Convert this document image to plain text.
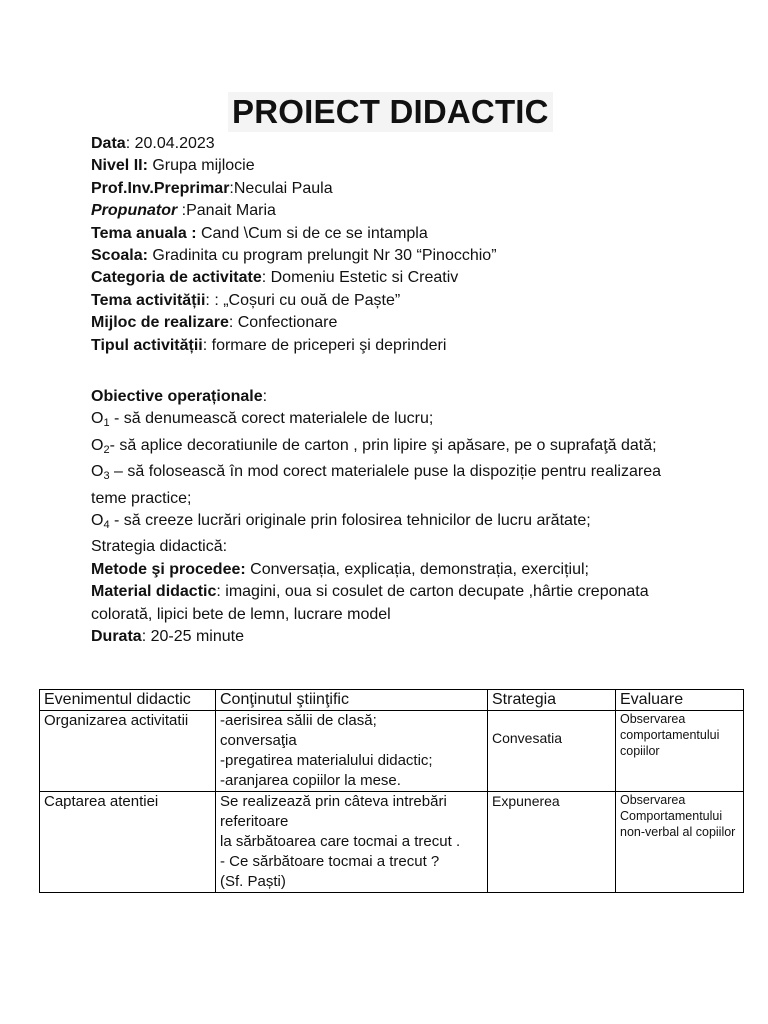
PROIECT DIDACTIC
Data: 20.04.2023
Nivel II: Grupa mijlocie
Prof.Inv.Preprimar:Neculai Paula
Propunator :Panait Maria
Tema anuala : Cand \Cum si de ce se intampla
Scoala: Gradinita cu program prelungit Nr 30 “Pinocchio”
Categoria de activitate: Domeniu Estetic si Creativ
Tema activității: : „Coșuri cu ouă de Paște”
Mijloc de realizare: Confectionare
Tipul activității: formare de priceperi şi deprinderi
Obiective operaționale:
$O_1$ - să denumească corect materialele de lucru;
$O_2-$ să aplice decoratiunile de carton , prin lipire şi apăsare, pe o suprafaţă dată;
$O_3$ – să folosească în mod corect materialele puse la dispoziție pentru realizarea teme practice;
$O_4$ - să creeze lucrări originale prin folosirea tehnicilor de lucru arătate;
Strategia didactică:
Metode şi procedee: Conversația, explicația, demonstrația, exercițiul;
Material didactic: imagini, oua si cosulet de carton decupate ,hârtie creponata colorată, lipici bete de lemn, lucrare model
Durata: 20-25 minute
Evenimentul didactic	Conţinutul ştiinţific	Strategia	Evaluare
Organizarea activitatii	-aerisirea sălii de clasă;
conversaţia
-pregatirea materialului didactic;
-aranjarea copiilor la mese.	Convesatia	Observarea comportamentului copiilor
Captarea atentiei	Se realizează prin câteva intrebări referitoare
la sărbătoarea care tocmai a trecut .
- Ce sărbătoare tocmai a trecut ?
(Sf. Paști)	Expunerea	Observarea Comportamentului non-verbal al copiilor
